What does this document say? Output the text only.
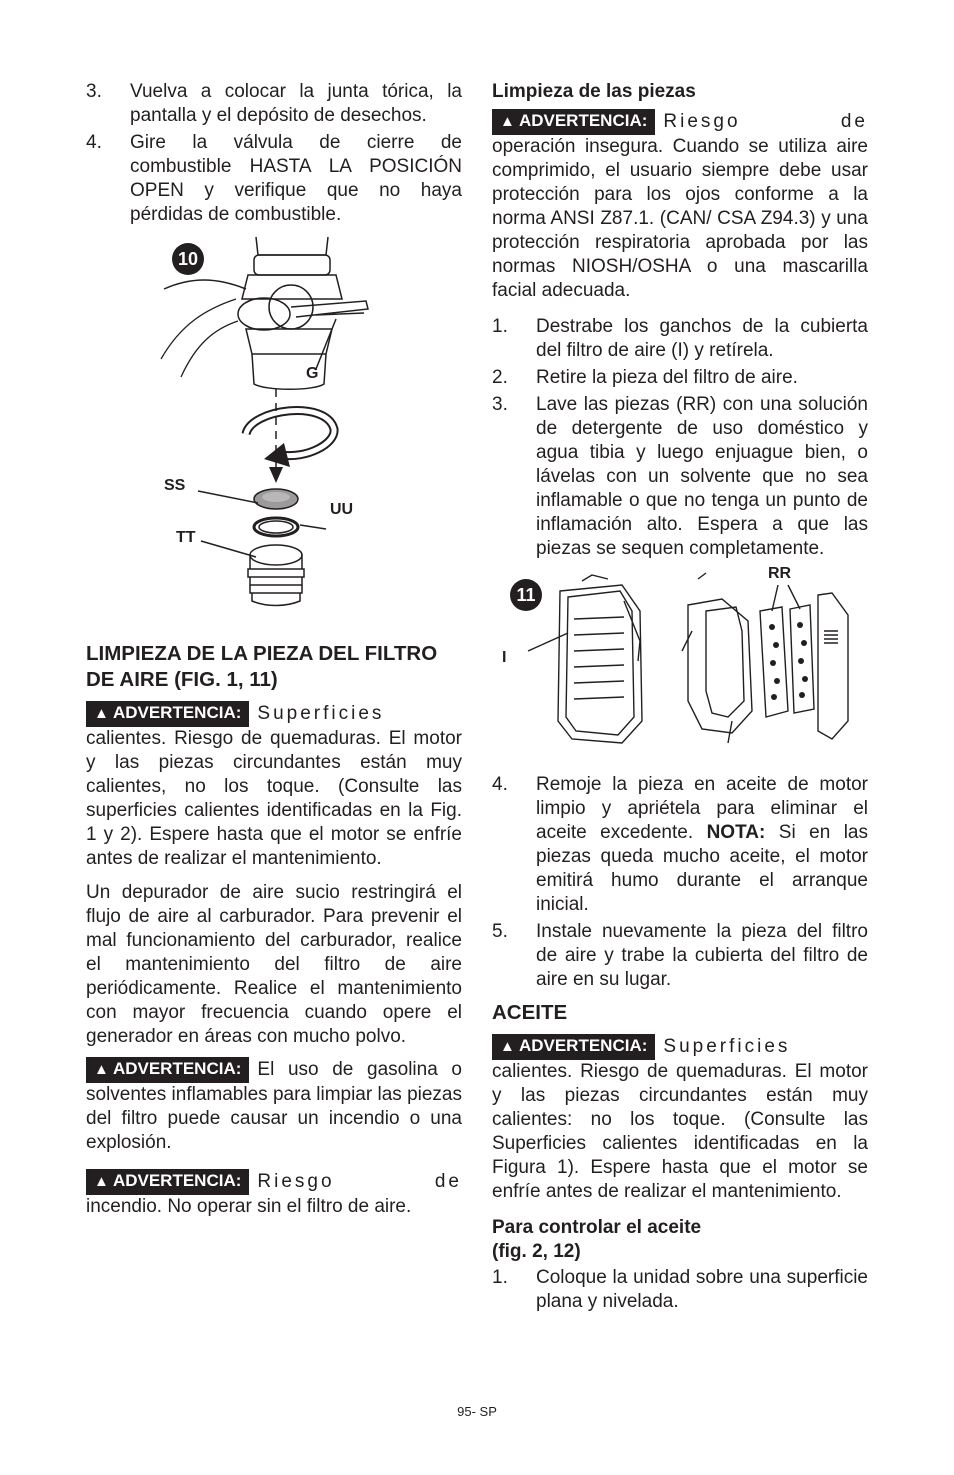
3. Vuelva a colocar la junta tórica, la pantalla y el depósito de desechos.
4. Gire la válvula de cierre de combustible HASTA LA POSICIÓN OPEN y verifique que no haya pérdidas de combustible.
10
G
SS
UU
TT
LIMPIEZA DE LA PIEZA DEL FILTRO DE AIRE (FIG. 1, 11)

▲ ADVERTENCIA: Superficies calientes. Riesgo de quemaduras. El motor y las piezas circundantes están muy calientes, no los toque. (Consulte las superficies calientes identificadas en la Fig. 1 y 2). Espere hasta que el motor se enfríe antes de realizar el mantenimiento.

Un depurador de aire sucio restringirá el flujo de aire al carburador. Para prevenir el mal funcionamiento del carburador, realice el mantenimiento del filtro de aire periódicamente. Realice el mantenimiento con mayor frecuencia cuando opere el generador en áreas con mucho polvo.

▲ ADVERTENCIA: El uso de gasolina o solventes inflamables para limpiar las piezas del filtro puede causar un incendio o una explosión.

▲ ADVERTENCIA: Riesgo de incendio. No operar sin el filtro de aire.

Limpieza de las piezas

▲ ADVERTENCIA: Riesgo de operación insegura. Cuando se utiliza aire comprimido, el usuario siempre debe usar protección para los ojos conforme a la norma ANSI Z87.1. (CAN/ CSA Z94.3) y una protección respiratoria aprobada por las normas NIOSH/OSHA o una mascarilla facial adecuada.

1. Destrabe los ganchos de la cubierta del filtro de aire (I) y retírela.
2. Retire la pieza del filtro de aire.
3. Lave las piezas (RR) con una solución de detergente de uso doméstico y agua tibia y luego enjuague bien, o lávelas con un solvente que no sea inflamable o que no tenga un punto de inflamación alto. Espera a que las piezas se sequen completamente.
11
I
RR
4. Remoje la pieza en aceite de motor limpio y apriétela para eliminar el aceite excedente. NOTA: Si en las piezas queda mucho aceite, el motor emitirá humo durante el arranque inicial.
5. Instale nuevamente la pieza del filtro de aire y trabe la cubierta del filtro de aire en su lugar.
ACEITE

▲ ADVERTENCIA: Superficies calientes. Riesgo de quemaduras. El motor y las piezas circundantes están muy calientes: no los toque. (Consulte las Superficies calientes identificadas en la Figura 1). Espere hasta que el motor se enfríe antes de realizar el mantenimiento.

Para controlar el aceite
(fig. 2, 12)
1. Coloque la unidad sobre una superficie plana y nivelada.
95- SP
